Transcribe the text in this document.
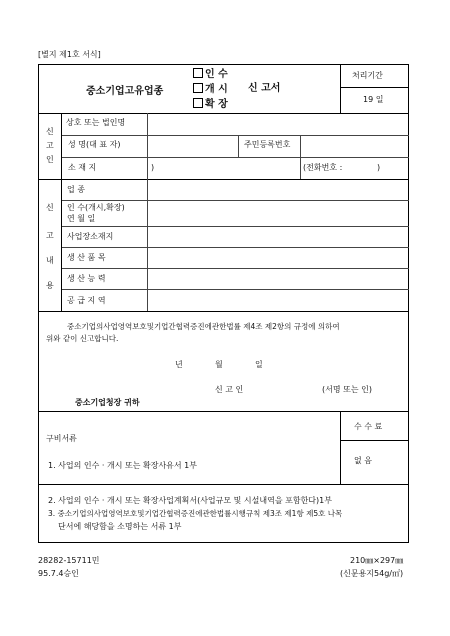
[별지 제1호 서식]
중소기업고유업종
인 수
개 시
확 장
신 고서
처리기간
19 일
신
고
인
상호 또는 법인명
성 명(대 표 자)	주민등록번호
소 재 지	)	(전화번호 :	)
신
고
내
용
업 종
인 수(개시,확장)
연 월 일
사업장소재지
생 산 품 목
생 산 능 력
공 급 지 역
중소기업의사업영역보호및기업간협력증진에관한법률 제4조 제2항의 규정에 의하여
위와 같이 신고합니다.
년	월	일
신 고 인	(서명 또는 인)
중소기업청장 귀하
구비서류
1. 사업의 인수 · 개시 또는 확장사유서 1부
2. 사업의 인수 · 개시 또는 확장사업계획서(사업규모 및 시설내역을 포함한다)1부
3. 중소기업의사업영역보호및기업간협력증진에관한법률시행규칙 제3조 제1항 제5호 나목
단서에 해당함을 소명하는 서류 1부
수 수 료
없 음
28282-15711민
95.7.4승인
210㎜×297㎜
(신문용지54g/㎡)
